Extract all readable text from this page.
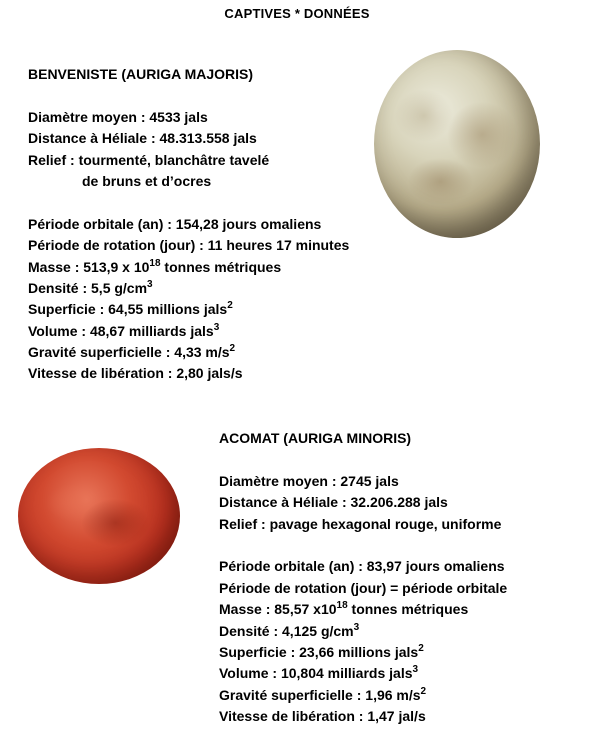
CAPTIVES * DONNÉES
BENVENISTE (AURIGA MAJORIS)
Diamètre moyen : 4533 jals
Distance à Héliale : 48.313.558 jals
Relief : tourmenté, blanchâtre tavelé
de bruns et d’ocres
Période orbitale (an) : 154,28 jours omaliens
Période de rotation (jour) : 11 heures 17 minutes
Masse : 513,9 x $10^{18}$ tonnes métriques
Densité : 5,5 $g/cm^3$
Superficie : 64,55 millions jals$^2$
Volume : 48,67 milliards jals$^3$
Gravité superficielle : 4,33 $m/s^2$
Vitesse de libération : 2,80 jals/s
ACOMAT (AURIGA MINORIS)
Diamètre moyen : 2745 jals
Distance à Héliale : 32.206.288 jals
Relief : pavage hexagonal rouge, uniforme
Période orbitale (an) : 83,97 jours omaliens
Période de rotation (jour) = période orbitale
Masse : 85,57 $x10^{18}$ tonnes métriques
Densité : 4,125 $g/cm^3$
Superficie : 23,66 millions jals$^2$
Volume : 10,804 milliards jals$^3$
Gravité superficielle : 1,96 $m/s^2$
Vitesse de libération : 1,47 jal/s
